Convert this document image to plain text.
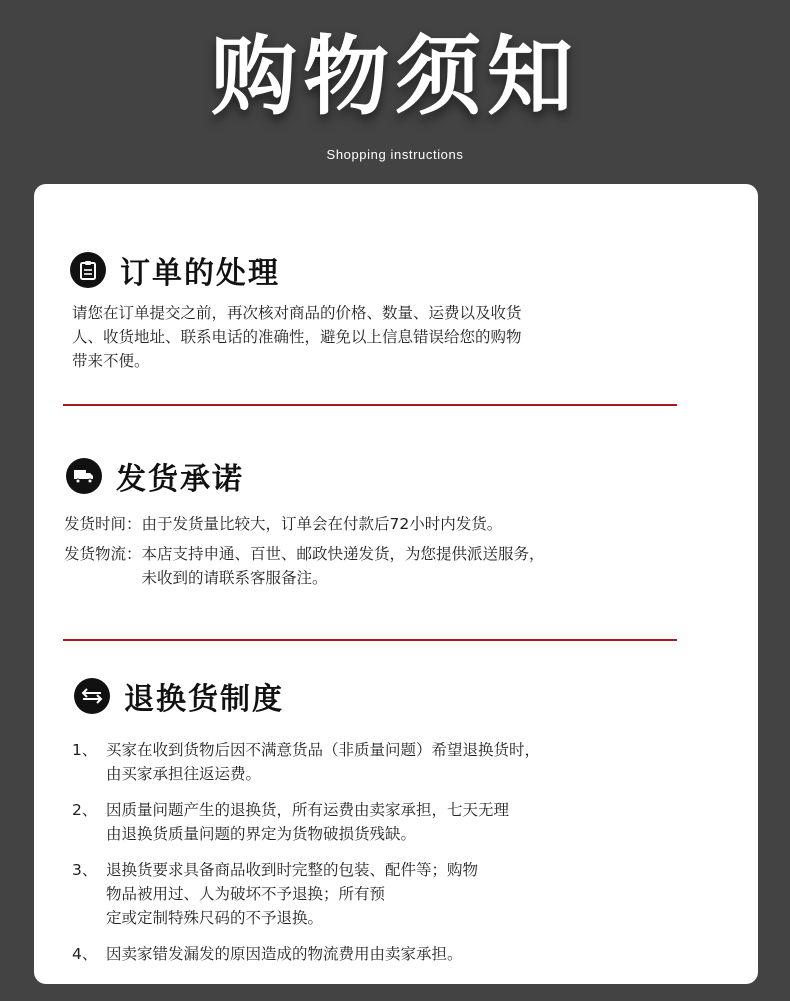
购物须知
Shopping instructions
订单的处理
请您在订单提交之前，再次核对商品的价格、数量、运费以及收货
人、收货地址、联系电话的准确性，避免以上信息错误给您的购物
带来不便。
发货承诺
发货时间： 由于发货量比较大，订单会在付款后72小时内发货。
发货物流： 本店支持申通、百世、邮政快递发货，为您提供派送服务，
未收到的请联系客服备注。
退换货制度
1、 买家在收到货物后因不满意货品（非质量问题）希望退换货时，
由买家承担往返运费。
2、 因质量问题产生的退换货，所有运费由卖家承担，七天无理
由退换货质量问题的界定为货物破损货残缺。
3、 退换货要求具备商品收到时完整的包装、配件等；购物
物品被用过、人为破坏不予退换；所有预
定或定制特殊尺码的不予退换。
4、 因卖家错发漏发的原因造成的物流费用由卖家承担。
